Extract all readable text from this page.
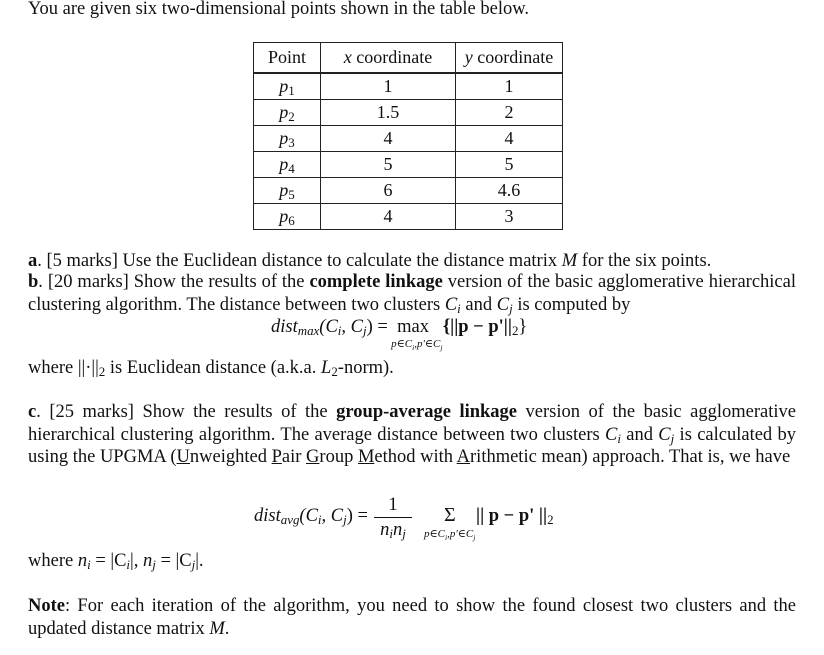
You are given six two-dimensional points shown in the table below.
Point	x coordinate	y coordinate
$p_1$	1	1
$p_2$	1.5	2
$p_3$	4	4
$p_4$	5	5
$p_5$	6	4.6
$p_6$	4	3
a. [5 marks] Use the Euclidean distance to calculate the distance matrix M for the six points.
b. [20 marks] Show the results of the complete linkage version of the basic agglomerative hierarchical clustering algorithm. The distance between two clusters $C_i$ and $C_j$ is computed by
$dist_{max}(C_i$, $C_j) = \max$
$p\in C_i,p'\in C_j$
$\{||p - p'||_2\}$
where $||\cdot||_2$ is Euclidean distance (a.k.a. $L_2-norm$).
c. [25 marks] Show the results of the group-average linkage version of the basic agglomerative hierarchical clustering algorithm. The average distance between two clusters $C_i$ and $C_j$ is calculated by using the UPGMA (Unweighted Pair Group Method with Arithmetic mean) approach. That is, we have
$dist_{avg}(C_i$, $C_j$) =
1
$n_in_j$
Σ
$p\in C_i,p'\in C_j$
|| p − p' $||_2$
where $n_i = |C_i|$, $n_j = |C_j|$.
Note: For each iteration of the algorithm, you need to show the found closest two clusters and the updated distance matrix M.
